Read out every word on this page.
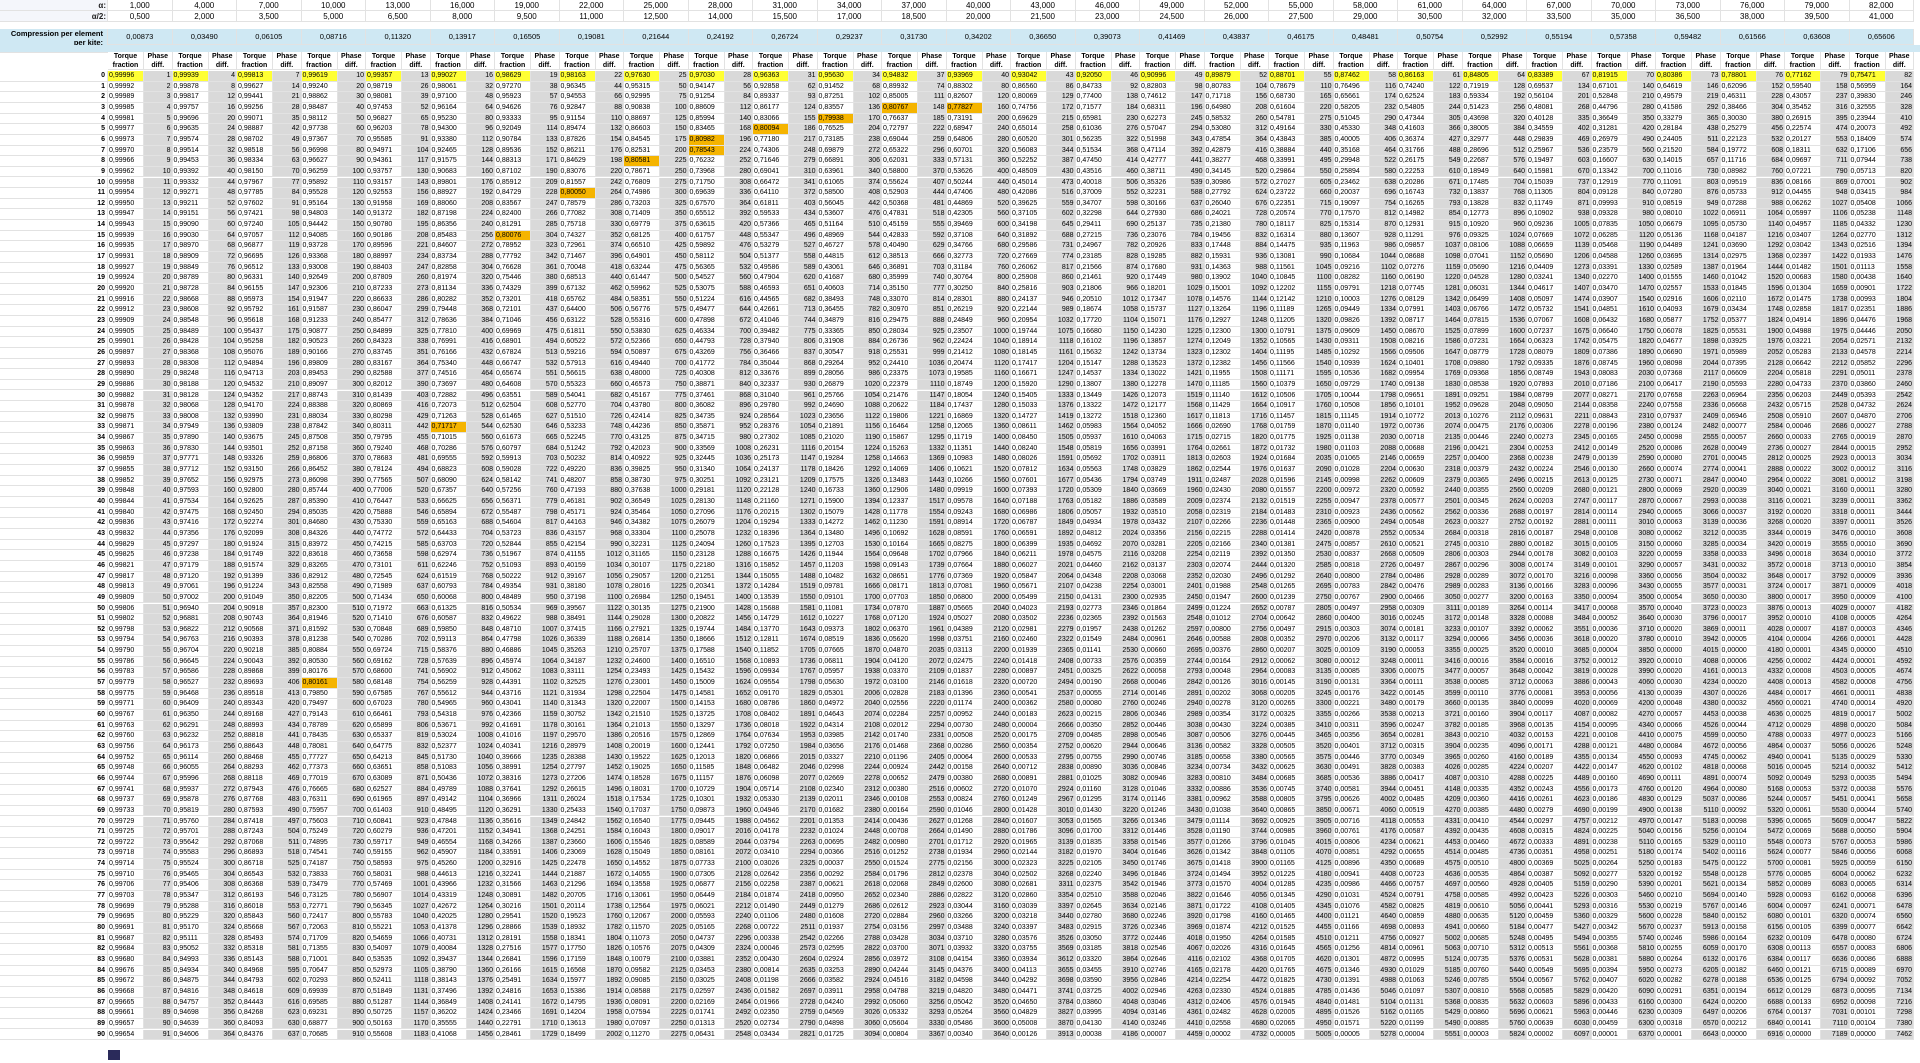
α:
α/2:
Compression per element per kite:
1,000
0,500
0,00873
Torque fraction
Phase diff.
4,000
2,000
0,03490
Torque fraction
Phase diff.
7,000
3,500
0,06105
Torque fraction
Phase diff.
10,000
5,000
0,08716
Torque fraction
Phase diff.
13,000
6,500
0,11320
Torque fraction
Phase diff.
16,000
8,000
0,13917
Torque fraction
Phase diff.
19,000
9,500
0,16505
Torque fraction
Phase diff.
22,000
11,000
0,19081
Torque fraction
Phase diff.
25,000
12,500
0,21644
Torque fraction
Phase diff.
28,000
14,000
0,24192
Torque fraction
Phase diff.
31,000
15,500
0,26724
Torque fraction
Phase diff.
34,000
17,000
0,29237
Torque fraction
Phase diff.
37,000
18,500
0,31730
Torque fraction
Phase diff.
40,000
20,000
0,34202
Torque fraction
Phase diff.
43,000
21,500
0,36650
Torque fraction
Phase diff.
46,000
23,000
0,39073
Torque fraction
Phase diff.
49,000
24,500
0,41469
Torque fraction
Phase diff.
52,000
26,000
0,43837
Torque fraction
Phase diff.
55,000
27,500
0,46175
Torque fraction
Phase diff.
58,000
29,000
0,48481
Torque fraction
Phase diff.
61,000
30,500
0,50754
Torque fraction
Phase diff.
64,000
32,000
0,52992
Torque fraction
Phase diff.
67,000
33,500
0,55194
Torque fraction
Phase diff.
70,000
35,000
0,57358
Torque fraction
Phase diff.
73,000
36,500
0,59482
Torque fraction
Phase diff.
76,000
38,000
0,61566
Torque fraction
Phase diff.
79,000
39,500
0,63608
Torque fraction
Phase diff.
82,000
41,000
0,65606
Torque fraction
Phase diff.
0 0,99996	1 0,99939	4 0,99813	7 0,99619	10 0,99357	13 0,99027	16 0,98629	19 0,98163	22 0,97630	25 0,97030	28 0,96363	31 0,95630	34 0,94832	37 0,93969	40 0,93042	43 0,92050	46 0,90996	49 0,89879	52 0,88701	55 0,87462	58 0,86163	61 0,84805	64 0,83389	67 0,81915	70 0,80386	73 0,78801	76 0,77162	79 0,75471	82
1 0,99992	2 0,99878	8 0,99627	14 0,99240	20 0,98719	26 0,98061	32 0,97270	38 0,96345	44 0,95315	50 0,94147	56 0,92858	62 0,91452	68 0,89932	74 0,88302	80 0,86560	86 0,84733	92 0,82803	98 0,80783	104 0,78679	110 0,76496	116 0,74240	122 0,71919	128 0,69537	134 0,67101	140 0,64619	146 0,62096	152 0,59540	158 0,56959	164
2 0,99989	3 0,99817	12 0,99441	21 0,98862	30 0,98081	39 0,97100	48 0,95923	57 0,94553	66 0,92995	75 0,91254	84 0,89337	93 0,87251	102 0,85005	111 0,82607	120 0,80069	129 0,77400	138 0,74612	147 0,71718	156 0,68730	165 0,65661	174 0,62524	183 0,59334	192 0,56104	201 0,52848	210 0,49579	219 0,46311	228 0,43057	237 0,39830	246
3 0,99985	4 0,99757	16 0,99256	28 0,98487	40 0,97453	52 0,96164	64 0,94626	76 0,92847	88 0,90838	100 0,88609	112 0,86177	124 0,83557	136 0,80767	148 0,77827	160 0,74756	172 0,71577	184 0,68311	196 0,64980	208 0,61604	220 0,58205	232 0,54805	244 0,51423	256 0,48081	268 0,44796	280 0,41586	292 0,38466	304 0,35452	316 0,32555	328
4 0,99981	5 0,99696	20 0,99071	35 0,98112	50 0,96827	65 0,95230	80 0,93333	95 0,91154	110 0,88697	125 0,85994	140 0,83066	155 0,79938	170 0,76637	185 0,73191	200 0,69629	215 0,65981	230 0,62273	245 0,58532	260 0,54781	275 0,51045	290 0,47344	305 0,43698	320 0,40128	335 0,36649	350 0,33279	365 0,30030	380 0,26915	395 0,23944	410
5 0,99977	6 0,99635	24 0,98887	42 0,97738	60 0,96203	78 0,94300	96 0,92049	114 0,89474	132 0,86603	150 0,83465	168 0,80094	186 0,76525	204 0,72797	222 0,68947	240 0,65014	258 0,61036	276 0,57047	294 0,53080	312 0,49164	330 0,45330	348 0,41603	366 0,38005	384 0,34559	402 0,31281	420 0,28184	438 0,25279	456 0,22574	474 0,20073	492
6 0,99973	7 0,99574	28 0,98702	49 0,97367	70 0,95585	91 0,93380	112 0,90784	133 0,87826	154 0,84545	175 0,80982	196 0,77180	217 0,73185	238 0,69044	259 0,64806	280 0,60520	301 0,56235	322 0,51998	343 0,47854	364 0,43843	385 0,40005	406 0,36374	427 0,32977	448 0,29839	469 0,26979	490 0,24405	511 0,22123	532 0,20127	553 0,18409	574
7 0,99970	8 0,99514	32 0,98518	56 0,96998	80 0,94971	104 0,92465	128 0,89536	152 0,86211	176 0,82531	200 0,78543	224 0,74306	248 0,69879	272 0,65322	296 0,60701	320 0,56083	344 0,51534	368 0,47114	392 0,42879	416 0,38884	440 0,35168	464 0,31766	488 0,28696	512 0,25967	536 0,23579	560 0,21520	584 0,19772	608 0,18311	632 0,17106	656
8 0,99966	9 0,99453	36 0,98334	63 0,96627	90 0,94361	117 0,91575	144 0,88313	171 0,84629	198 0,80581	225 0,76232	252 0,71646	279 0,66891	306 0,62031	333 0,57131	360 0,52252	387 0,47450	414 0,42777	441 0,38277	468 0,33991	495 0,29948	522 0,26175	549 0,22687	576 0,19497	603 0,16607	630 0,14015	657 0,11716	684 0,09697	711 0,07944	738
9 0,99962	10 0,99392	40 0,98150	70 0,96259	100 0,93757	130 0,90683	160 0,87102	190 0,83076	220 0,78671	250 0,73968	280 0,69041	310 0,63961	340 0,58800	370 0,53626	400 0,48509	430 0,43516	460 0,38711	490 0,34145	520 0,29864	550 0,25894	580 0,22253	610 0,18949	640 0,15981	670 0,13342	700 0,11016	730 0,08982	760 0,07221	790 0,05713	820
10 0,99958	11 0,99332	44 0,97967	77 0,95892	110 0,93157	143 0,89801	176 0,85912	209 0,81557	242 0,76809	275 0,71750	308 0,66472	341 0,61065	374 0,55624	407 0,50244	440 0,45014	473 0,40018	506 0,35326	539 0,30986	572 0,27027	605 0,23462	638 0,20286	671 0,17485	704 0,15039	737 0,12919	770 0,11091	803 0,09519	836 0,08166	869 0,07001	902
11 0,99954	12 0,99271	48 0,97785	84 0,95528	120 0,92553	156 0,88927	192 0,84729	228 0,80050	264 0,74986	300 0,69639	336 0,64110	372 0,58500	408 0,52903	444 0,47406	480 0,42086	516 0,37009	552 0,32231	588 0,27792	624 0,23722	660 0,20037	696 0,16743	732 0,13837	768 0,11305	804 0,09128	840 0,07280	876 0,05733	912 0,04455	948 0,03415	984
12 0,99950	13 0,99211	52 0,97602	91 0,95164	130 0,91958	169 0,88060	208 0,83567	247 0,78579	286 0,73203	325 0,67570	364 0,61811	403 0,56045	442 0,50368	481 0,44869	520 0,39625	559 0,34707	598 0,30166	637 0,26040	676 0,22351	715 0,19097	754 0,16265	793 0,13828	832 0,11749	871 0,09993	910 0,08519	949 0,07288	988 0,06262	1027 0,05408	1066
13 0,99947	14 0,99151	56 0,97421	98 0,94803	140 0,91372	182 0,87198	224 0,82400	266 0,77082	308 0,71409	350 0,65512	392 0,59533	434 0,53607	476 0,47831	518 0,42305	560 0,37105	602 0,32298	644 0,27930	686 0,24021	728 0,20574	770 0,17570	812 0,14982	854 0,12773	896 0,10902	938 0,09328	980 0,08010	1022 0,06911	1064 0,05997	1106 0,05238	1148
14 0,99943	15 0,99090	60 0,97240	105 0,94442	150 0,90780	195 0,86356	240 0,81291	285 0,75718	330 0,69779	375 0,63615	420 0,57366	465 0,51164	510 0,45159	555 0,39469	600 0,34198	645 0,29411	690 0,25137	735 0,21380	780 0,18117	825 0,15314	870 0,12931	915 0,10920	960 0,09236	1005 0,07835	1050 0,06679	1095 0,05730	1140 0,04957	1185 0,04332	1230
15 0,99939	16 0,99030	64 0,97057	112 0,94085	160 0,90186	208 0,85483	256 0,80076	304 0,74327	352 0,68125	400 0,61757	448 0,55347	496 0,48969	544 0,42833	592 0,37108	640 0,31892	688 0,27215	736 0,23076	784 0,19456	832 0,16314	880 0,13607	928 0,11291	976 0,09325	1024 0,07669	1072 0,06285	1120 0,05136	1168 0,04187	1216 0,03407	1264 0,02770	1312
16 0,99935	17 0,98970	68 0,96877	119 0,93728	170 0,89596	221 0,84607	272 0,78952	323 0,72961	374 0,66510	425 0,59892	476 0,53279	527 0,46727	578 0,40490	629 0,34766	680 0,29586	731 0,24967	782 0,20926	833 0,17448	884 0,14475	935 0,11963	986 0,09857	1037 0,08106	1088 0,06659	1139 0,05468	1190 0,04489	1241 0,03690	1292 0,03042	1343 0,02516	1394
17 0,99931	18 0,98909	72 0,96695	126 0,93368	180 0,88997	234 0,83734	288 0,77792	342 0,71467	396 0,64901	450 0,58112	504 0,51377	558 0,44815	612 0,38513	666 0,32773	720 0,27669	774 0,23185	828 0,19285	882 0,15931	936 0,13081	990 0,10684	1044 0,08688	1098 0,07041	1152 0,05690	1206 0,04588	1260 0,03695	1314 0,02975	1368 0,02397	1422 0,01933	1476
18 0,99927	19 0,98849	76 0,96512	133 0,93008	190 0,88403	247 0,82858	304 0,76628	361 0,70048	418 0,63244	475 0,56365	532 0,49586	589 0,43061	646 0,36891	703 0,31184	760 0,26062	817 0,21566	874 0,17680	931 0,14363	988 0,11561	1045 0,09216	1102 0,07276	1159 0,05690	1216 0,04409	1273 0,03391	1330 0,02589	1387 0,01964	1444 0,01482	1501 0,01113	1558
19 0,99924	20 0,98789	80 0,96331	140 0,92649	200 0,87809	260 0,81974	320 0,75446	380 0,68513	440 0,61447	500 0,54527	560 0,47904	620 0,41687	680 0,35999	740 0,30764	800 0,25908	860 0,21461	920 0,17449	980 0,13902	1040 0,10845	1100 0,08282	1160 0,06190	1220 0,04528	1280 0,03241	1340 0,02270	1400 0,01555	1460 0,01042	1520 0,00683	1580 0,00438	1640
20 0,99920	21 0,98728	84 0,96155	147 0,92306	210 0,87233	273 0,81134	336 0,74329	399 0,67132	462 0,59962	525 0,53075	588 0,46593	651 0,40603	714 0,35150	777 0,30250	840 0,25816	903 0,21806	966 0,18201	1029 0,15001	1092 0,12202	1155 0,09791	1218 0,07745	1281 0,06031	1344 0,04617	1407 0,03470	1470 0,02557	1533 0,01845	1596 0,01304	1659 0,00901	1722
21 0,99916	22 0,98668	88 0,95973	154 0,91947	220 0,86633	286 0,80282	352 0,73201	418 0,65762	484 0,58351	550 0,51224	616 0,44565	682 0,38493	748 0,33070	814 0,28301	880 0,24137	946 0,20510	1012 0,17347	1078 0,14576	1144 0,12142	1210 0,10003	1276 0,08129	1342 0,06499	1408 0,05097	1474 0,03907	1540 0,02916	1606 0,02110	1672 0,01475	1738 0,00993	1804
22 0,99912	23 0,98608	92 0,95792	161 0,91587	230 0,86047	299 0,79448	368 0,72101	437 0,64400	506 0,56776	575 0,49477	644 0,42661	713 0,36455	782 0,30970	851 0,26219	920 0,22144	989 0,18674	1058 0,15737	1127 0,13264	1196 0,11189	1265 0,09449	1334 0,07991	1403 0,06766	1472 0,05732	1541 0,04851	1610 0,04093	1679 0,03434	1748 0,02858	1817 0,02351	1886
23 0,99909	24 0,98548	96 0,95618	168 0,91233	240 0,85477	312 0,78636	384 0,71046	456 0,63122	528 0,55316	600 0,47898	672 0,41046	744 0,34879	816 0,29475	888 0,24849	960 0,20954	1032 0,17720	1104 0,15071	1176 0,12927	1248 0,11205	1320 0,09826	1392 0,08717	1464 0,07815	1536 0,07067	1608 0,06432	1680 0,05877	1752 0,05377	1824 0,04914	1896 0,04476	1968
24 0,99905	25 0,98489	100 0,95437	175 0,90877	250 0,84899	325 0,77810	400 0,69969	475 0,61811	550 0,53830	625 0,46334	700 0,39482	775 0,33365	850 0,28034	925 0,23507	1000 0,19744	1075 0,16680	1150 0,14230	1225 0,12300	1300 0,10791	1375 0,09609	1450 0,08670	1525 0,07899	1600 0,07237	1675 0,06640	1750 0,06078	1825 0,05531	1900 0,04988	1975 0,04446	2050
25 0,99901	26 0,98428	104 0,95258	182 0,90523	260 0,84323	338 0,76991	416 0,68901	494 0,60522	572 0,52366	650 0,44793	728 0,37940	806 0,31908	884 0,26736	962 0,22424	1040 0,18914	1118 0,16102	1196 0,13857	1274 0,12049	1352 0,10565	1430 0,09311	1508 0,08216	1586 0,07231	1664 0,06323	1742 0,05475	1820 0,04677	1898 0,03925	1976 0,03221	2054 0,02571	2132
26 0,99897	27 0,98368	108 0,95076	189 0,90166	270 0,83745	351 0,76166	432 0,67824	513 0,59216	594 0,50897	675 0,43269	756 0,36466	837 0,30547	918 0,25531	999 0,21412	1080 0,18145	1161 0,15632	1242 0,13734	1323 0,12302	1404 0,11195	1485 0,10292	1566 0,09506	1647 0,08779	1728 0,08079	1809 0,07386	1890 0,06690	1971 0,05989	2052 0,05283	2133 0,04578	2214
27 0,99893	28 0,98308	112 0,94894	196 0,89809	280 0,83167	364 0,75340	448 0,66747	532 0,57913	616 0,49440	700 0,41772	784 0,35044	868 0,29264	952 0,24410	1036 0,20474	1120 0,17417	1204 0,15147	1288 0,13523	1372 0,12382	1456 0,11566	1540 0,10939	1624 0,10401	1708 0,09880	1792 0,09335	1876 0,08745	1960 0,08098	2044 0,07395	2128 0,06642	2212 0,05852	2296
28 0,99890	29 0,98248	116 0,94713	203 0,89453	290 0,82588	377 0,74516	464 0,65674	551 0,56615	638 0,48000	725 0,40308	812 0,33676	899 0,28056	986 0,23375	1073 0,19585	1160 0,16671	1247 0,14537	1334 0,13022	1421 0,11955	1508 0,11171	1595 0,10536	1682 0,09954	1769 0,09368	1856 0,08749	1943 0,08083	2030 0,07368	2117 0,06609	2204 0,05818	2291 0,05011	2378
29 0,99886	30 0,98188	120 0,94532	210 0,89097	300 0,82012	390 0,73697	480 0,64608	570 0,55323	660 0,46573	750 0,38871	840 0,32337	930 0,26879	1020 0,22379	1110 0,18749	1200 0,15920	1290 0,13807	1380 0,12278	1470 0,11185	1560 0,10379	1650 0,09729	1740 0,09138	1830 0,08538	1920 0,07893	2010 0,07186	2100 0,06417	2190 0,05593	2280 0,04733	2370 0,03860	2460
30 0,99882	31 0,98128	124 0,94352	217 0,88743	310 0,81439	403 0,72882	496 0,63551	589 0,54041	682 0,45167	775 0,37461	868 0,31040	961 0,25766	1054 0,21476	1147 0,18054	1240 0,15405	1333 0,13449	1426 0,12073	1519 0,11140	1612 0,10506	1705 0,10044	1798 0,09651	1891 0,09251	1984 0,08799	2077 0,08271	2170 0,07658	2263 0,06964	2356 0,06203	2449 0,05393	2542
31 0,99878	32 0,98068	128 0,94170	224 0,88388	320 0,80869	416 0,72073	512 0,62504	608 0,52770	704 0,43780	800 0,36082	896 0,29780	992 0,24690	1088 0,20622	1184 0,17437	1280 0,15033	1376 0,13322	1472 0,12177	1568 0,11429	1664 0,10917	1760 0,10508	1856 0,10101	1952 0,09628	2048 0,09050	2144 0,08358	2240 0,07558	2336 0,06668	2432 0,05715	2528 0,04732	2624
32 0,99875	33 0,98008	132 0,93990	231 0,88034	330 0,80298	429 0,71263	528 0,61465	627 0,51510	726 0,42414	825 0,34735	924 0,28564	1023 0,23656	1122 0,19806	1221 0,16869	1320 0,14727	1419 0,13272	1518 0,12360	1617 0,11813	1716 0,11457	1815 0,11145	1914 0,10772	2013 0,10276	2112 0,09631	2211 0,08843	2310 0,07937	2409 0,06946	2508 0,05910	2607 0,04870	2706
33 0,99871	34 0,97949	136 0,93809	238 0,87842	340 0,80311	442 0,71717	544 0,62530	646 0,53233	748 0,44236	850 0,35871	952 0,28376	1054 0,21891	1156 0,16464	1258 0,12065	1360 0,08611	1462 0,05983	1564 0,04052	1666 0,02690	1768 0,01759	1870 0,01140	1972 0,00736	2074 0,00475	2176 0,00306	2278 0,00196	2380 0,00124	2482 0,00077	2584 0,00046	2686 0,00027	2788
34 0,99867	35 0,97890	140 0,93675	245 0,87508	350 0,79795	455 0,71015	560 0,61673	665 0,52245	770 0,43125	875 0,34715	980 0,27302	1085 0,21020	1190 0,15867	1295 0,11719	1400 0,08450	1505 0,05937	1610 0,04063	1715 0,02715	1820 0,01775	1925 0,01138	2030 0,00718	2135 0,00446	2240 0,00273	2345 0,00165	2450 0,00098	2555 0,00057	2660 0,00033	2765 0,00019	2870
35 0,99863	36 0,97830	144 0,93501	252 0,87158	360 0,79240	468 0,70286	576 0,60797	684 0,51242	792 0,42023	900 0,33569	1008 0,26231	1116 0,20154	1224 0,15263	1332 0,11351	1440 0,08240	1548 0,05819	1656 0,03991	1764 0,02661	1872 0,01732	1980 0,01103	2088 0,00688	2196 0,00421	2304 0,00253	2412 0,00149	2520 0,00086	2628 0,00049	2736 0,00027	2844 0,00015	2952
36 0,99859	37 0,97771	148 0,93326	259 0,86806	370 0,78683	481 0,69555	592 0,59913	703 0,50232	814 0,40922	925 0,32445	1036 0,25173	1147 0,19284	1258 0,14663	1369 0,10983	1480 0,08026	1591 0,05692	1702 0,03911	1813 0,02603	1924 0,01684	2035 0,01065	2146 0,00659	2257 0,00400	2368 0,00238	2479 0,00139	2590 0,00080	2701 0,00045	2812 0,00025	2923 0,00013	3034
37 0,99855	38 0,97712	152 0,93150	266 0,86452	380 0,78124	494 0,68823	608 0,59028	722 0,49220	836 0,39825	950 0,31340	1064 0,24137	1178 0,18426	1292 0,14069	1406 0,10621	1520 0,07812	1634 0,05563	1748 0,03829	1862 0,02544	1976 0,01637	2090 0,01028	2204 0,00630	2318 0,00379	2432 0,00224	2546 0,00130	2660 0,00074	2774 0,00041	2888 0,00022	3002 0,00012	3116
38 0,99852	39 0,97652	156 0,92975	273 0,86098	390 0,77565	507 0,68090	624 0,58142	741 0,48207	858 0,38730	975 0,30251	1092 0,23121	1209 0,17575	1326 0,13483	1443 0,10266	1560 0,07601	1677 0,05436	1794 0,03749	1911 0,02487	2028 0,01596	2145 0,00998	2262 0,00609	2379 0,00365	2496 0,00215	2613 0,00125	2730 0,00071	2847 0,00040	2964 0,00022	3081 0,00012	3198
39 0,99848	40 0,97593	160 0,92800	280 0,85744	400 0,77006	520 0,67357	640 0,57256	760 0,47193	880 0,37638	1000 0,29181	1120 0,22128	1240 0,16733	1360 0,12906	1480 0,09919	1600 0,07393	1720 0,05309	1840 0,03669	1960 0,02430	2080 0,01557	2200 0,00972	2320 0,00592	2440 0,00355	2560 0,00209	2680 0,00121	2800 0,00069	2920 0,00039	3040 0,00021	3160 0,00011	3280
40 0,99844	41 0,97534	164 0,92625	287 0,85390	410 0,76447	533 0,66625	656 0,56371	779 0,46181	902 0,36549	1025 0,28130	1148 0,21160	1271 0,15900	1394 0,12337	1517 0,09578	1640 0,07188	1763 0,05182	1886 0,03589	2009 0,02374	2132 0,01519	2255 0,00947	2378 0,00577	2501 0,00345	2624 0,00203	2747 0,00117	2870 0,00067	2993 0,00038	3116 0,00021	3239 0,00011	3362
41 0,99840	42 0,97475	168 0,92450	294 0,85035	420 0,75888	546 0,65894	672 0,55487	798 0,45171	924 0,35464	1050 0,27096	1176 0,20215	1302 0,15079	1428 0,11778	1554 0,09243	1680 0,06986	1806 0,05057	1932 0,03510	2058 0,02319	2184 0,01483	2310 0,00923	2436 0,00562	2562 0,00336	2688 0,00197	2814 0,00114	2940 0,00065	3066 0,00037	3192 0,00020	3318 0,00011	3444
42 0,99836	43 0,97416	172 0,92274	301 0,84680	430 0,75330	559 0,65163	688 0,54604	817 0,44163	946 0,34382	1075 0,26079	1204 0,19294	1333 0,14272	1462 0,11230	1591 0,08914	1720 0,06787	1849 0,04934	1978 0,03432	2107 0,02266	2236 0,01448	2365 0,00900	2494 0,00548	2623 0,00327	2752 0,00192	2881 0,00111	3010 0,00063	3139 0,00036	3268 0,00020	3397 0,00011	3526
43 0,99832	44 0,97356	176 0,92099	308 0,84326	440 0,74772	572 0,64433	704 0,53723	836 0,43157	968 0,33304	1100 0,25078	1232 0,18396	1364 0,13480	1496 0,10692	1628 0,08591	1760 0,06591	1892 0,04812	2024 0,03356	2156 0,02215	2288 0,01414	2420 0,00878	2552 0,00534	2684 0,00318	2816 0,00187	2948 0,00108	3080 0,00062	3212 0,00035	3344 0,00019	3476 0,00010	3608
44 0,99829	45 0,97297	180 0,91924	315 0,83972	450 0,74215	585 0,63703	720 0,52844	855 0,42154	990 0,32231	1125 0,24094	1260 0,17523	1395 0,12703	1530 0,10164	1665 0,08275	1800 0,06399	1935 0,04692	2070 0,03281	2205 0,02166	2340 0,01381	2475 0,00857	2610 0,00521	2745 0,00310	2880 0,00182	3015 0,00105	3150 0,00060	3285 0,00034	3420 0,00019	3555 0,00010	3690
45 0,99825	46 0,97238	184 0,91749	322 0,83618	460 0,73658	598 0,62974	736 0,51967	874 0,41155	1012 0,31165	1150 0,23128	1288 0,16675	1426 0,11944	1564 0,09648	1702 0,07966	1840 0,06211	1978 0,04575	2116 0,03208	2254 0,02119	2392 0,01350	2530 0,00837	2668 0,00509	2806 0,00303	2944 0,00178	3082 0,00103	3220 0,00059	3358 0,00033	3496 0,00018	3634 0,00010	3772
46 0,99821	47 0,97179	188 0,91574	329 0,83265	470 0,73101	611 0,62246	752 0,51093	893 0,40159	1034 0,30107	1175 0,22180	1316 0,15852	1457 0,11203	1598 0,09143	1739 0,07664	1880 0,06027	2021 0,04460	2162 0,03137	2303 0,02074	2444 0,01320	2585 0,00818	2726 0,00497	2867 0,00296	3008 0,00174	3149 0,00101	3290 0,00057	3431 0,00032	3572 0,00018	3713 0,00010	3854
47 0,99817	48 0,97120	192 0,91399	336 0,82912	480 0,72545	624 0,61519	768 0,50222	912 0,39167	1056 0,29057	1200 0,21251	1344 0,15055	1488 0,10482	1632 0,08651	1776 0,07369	1920 0,05847	2064 0,04348	2208 0,03068	2352 0,02030	2496 0,01292	2640 0,00800	2784 0,00486	2928 0,00289	3072 0,00170	3216 0,00098	3360 0,00056	3504 0,00032	3648 0,00017	3792 0,00009	3936
48 0,99813	49 0,97061	196 0,91224	343 0,82558	490 0,71989	637 0,60793	784 0,49354	931 0,38180	1078 0,28016	1225 0,20341	1372 0,14284	1519 0,09781	1666 0,08171	1813 0,07081	1960 0,05671	2107 0,04238	2254 0,03001	2401 0,01988	2548 0,01265	2695 0,00783	2842 0,00476	2989 0,00283	3136 0,00166	3283 0,00096	3430 0,00055	3577 0,00031	3724 0,00017	3871 0,00009	4018
49 0,99809	50 0,97002	200 0,91049	350 0,82205	500 0,71434	650 0,60068	800 0,48489	950 0,37198	1100 0,26984	1250 0,19451	1400 0,13539	1550 0,09101	1700 0,07703	1850 0,06800	2000 0,05499	2150 0,04131	2300 0,02935	2450 0,01947	2600 0,01239	2750 0,00767	2900 0,00466	3050 0,00277	3200 0,00163	3350 0,00094	3500 0,00054	3650 0,00030	3800 0,00017	3950 0,00009	4100
50 0,99806	51 0,96940	204 0,90918	357 0,82300	510 0,71972	663 0,61325	816 0,50534	969 0,39567	1122 0,30135	1275 0,21900	1428 0,15688	1581 0,11081	1734 0,07870	1887 0,05665	2040 0,04023	2193 0,02773	2346 0,01864	2499 0,01224	2652 0,00787	2805 0,00497	2958 0,00309	3111 0,00189	3264 0,00114	3417 0,00068	3570 0,00040	3723 0,00023	3876 0,00013	4029 0,00007	4182
51 0,99802	52 0,96881	208 0,90743	364 0,81946	520 0,71410	676 0,60587	832 0,49622	988 0,38491	1144 0,29028	1300 0,20822	1456 0,14729	1612 0,10227	1768 0,07120	1924 0,05027	2080 0,03502	2236 0,02365	2392 0,01563	2548 0,01012	2704 0,00642	2860 0,00400	3016 0,00245	3172 0,00148	3328 0,00088	3484 0,00052	3640 0,00030	3796 0,00017	3952 0,00010	4108 0,00005	4264
52 0,99798	53 0,96822	212 0,90568	371 0,81592	530 0,70848	689 0,59850	848 0,48710	1007 0,37415	1166 0,27921	1325 0,19744	1484 0,13770	1643 0,09373	1802 0,06370	1961 0,04389	2120 0,02981	2279 0,01957	2438 0,01262	2597 0,00800	2756 0,00497	2915 0,00303	3074 0,00181	3233 0,00107	3392 0,00062	3551 0,00036	3710 0,00020	3869 0,00011	4028 0,00007	4187 0,00003	4346
53 0,99794	54 0,96763	216 0,90393	378 0,81238	540 0,70286	702 0,59113	864 0,47798	1026 0,36339	1188 0,26814	1350 0,18666	1512 0,12811	1674 0,08519	1836 0,05620	1998 0,03751	2160 0,02460	2322 0,01549	2484 0,00961	2646 0,00588	2808 0,00352	2970 0,00206	3132 0,00117	3294 0,00066	3456 0,00036	3618 0,00020	3780 0,00010	3942 0,00005	4104 0,00004	4266 0,00001	4428
54 0,99790	55 0,96704	220 0,90218	385 0,80884	550 0,69724	715 0,58376	880 0,46886	1045 0,35263	1210 0,25707	1375 0,17588	1540 0,11852	1705 0,07665	1870 0,04870	2035 0,03113	2200 0,01939	2365 0,01141	2530 0,00660	2695 0,00376	2860 0,00207	3025 0,00109	3190 0,00053	3355 0,00025	3520 0,00010	3685 0,00004	3850 0,00000	4015 0,00000	4180 0,00001	4345 0,00000	4510
55 0,99786	56 0,96645	224 0,90043	392 0,80530	560 0,69162	728 0,57639	896 0,45974	1064 0,34187	1232 0,24600	1400 0,16510	1568 0,10893	1736 0,06811	1904 0,04120	2072 0,02475	2240 0,01418	2408 0,00733	2576 0,00359	2744 0,00164	2912 0,00062	3080 0,00012	3248 0,00011	3416 0,00016	3584 0,00016	3752 0,00012	3920 0,00010	4088 0,00006	4256 0,00002	4424 0,00001	4592
56 0,99783	57 0,96586	228 0,89868	399 0,80176	570 0,68600	741 0,56902	912 0,45062	1083 0,33111	1254 0,23493	1425 0,15432	1596 0,09934	1767 0,05957	1938 0,03370	2109 0,01837	2280 0,00897	2451 0,00325	2622 0,00058	2793 0,00048	2964 0,00083	3135 0,00085	3306 0,00075	3477 0,00057	3648 0,00042	3819 0,00028	3990 0,00020	4161 0,00013	4332 0,00008	4503 0,00005	4674
57 0,99779	58 0,96527	232 0,89693	406 0,80161	580 0,68148	754 0,56259	928 0,44391	1102 0,32525	1276 0,23001	1450 0,15009	1624 0,09554	1798 0,05630	1972 0,03100	2146 0,01618	2320 0,00720	2494 0,00190	2668 0,00046	2842 0,00126	3016 0,00145	3190 0,00131	3364 0,00111	3538 0,00085	3712 0,00063	3886 0,00043	4060 0,00030	4234 0,00020	4408 0,00013	4582 0,00008	4756
58 0,99775	59 0,96468	236 0,89518	413 0,79850	590 0,67585	767 0,55612	944 0,43716	1121 0,31934	1298 0,22504	1475 0,14581	1652 0,09170	1829 0,05301	2006 0,02828	2183 0,01396	2360 0,00541	2537 0,00055	2714 0,00146	2891 0,00202	3068 0,00205	3245 0,00176	3422 0,00145	3599 0,00110	3776 0,00081	3953 0,00056	4130 0,00039	4307 0,00026	4484 0,00017	4661 0,00011	4838
59 0,99771	60 0,96409	240 0,89343	420 0,79497	600 0,67023	780 0,54965	960 0,43041	1140 0,31343	1320 0,22007	1500 0,14153	1680 0,08786	1860 0,04972	2040 0,02556	2220 0,01174	2400 0,00362	2580 0,00080	2760 0,00246	2940 0,00278	3120 0,00265	3300 0,00221	3480 0,00179	3660 0,00135	3840 0,00099	4020 0,00069	4200 0,00048	4380 0,00032	4560 0,00021	4740 0,00014	4920
60 0,99767	61 0,96350	244 0,89168	427 0,79143	610 0,66461	793 0,54318	976 0,42366	1159 0,30752	1342 0,21510	1525 0,13725	1708 0,08402	1891 0,04643	2074 0,02284	2257 0,00952	2440 0,00183	2623 0,00215	2806 0,00346	2989 0,00354	3172 0,00325	3355 0,00266	3538 0,00213	3721 0,00160	3904 0,00117	4087 0,00082	4270 0,00057	4453 0,00038	4636 0,00025	4819 0,00017	5002
61 0,99763	62 0,96291	248 0,88993	434 0,78789	620 0,65899	806 0,53671	992 0,41691	1178 0,30161	1364 0,21013	1550 0,13297	1736 0,08018	1922 0,04314	2108 0,02012	2294 0,00730	2480 0,00004	2666 0,00350	2852 0,00446	3038 0,00430	3224 0,00385	3410 0,00311	3596 0,00247	3782 0,00185	3968 0,00135	4154 0,00095	4340 0,00066	4526 0,00044	4712 0,00029	4898 0,00020	5084
62 0,99760	63 0,96232	252 0,88818	441 0,78435	630 0,65337	819 0,53024	1008 0,41016	1197 0,29570	1386 0,20516	1575 0,12869	1764 0,07634	1953 0,03985	2142 0,01740	2331 0,00508	2520 0,00175	2709 0,00485	2898 0,00546	3087 0,00506	3276 0,00445	3465 0,00356	3654 0,00281	3843 0,00210	4032 0,00153	4221 0,00108	4410 0,00075	4599 0,00050	4788 0,00033	4977 0,00023	5166
63 0,99756	64 0,96173	256 0,88643	448 0,78081	640 0,64775	832 0,52377	1024 0,40341	1216 0,28979	1408 0,20019	1600 0,12441	1792 0,07250	1984 0,03656	2176 0,01468	2368 0,00286	2560 0,00354	2752 0,00620	2944 0,00646	3136 0,00582	3328 0,00505	3520 0,00401	3712 0,00315	3904 0,00235	4096 0,00171	4288 0,00121	4480 0,00084	4672 0,00056	4864 0,00037	5056 0,00026	5248
64 0,99752	65 0,96114	260 0,88468	455 0,77727	650 0,64213	845 0,51730	1040 0,39666	1235 0,28388	1430 0,19522	1625 0,12013	1820 0,06866	2015 0,03327	2210 0,01196	2405 0,00064	2600 0,00533	2795 0,00755	2990 0,00746	3185 0,00658	3380 0,00565	3575 0,00446	3770 0,00349	3965 0,00260	4160 0,00189	4355 0,00134	4550 0,00093	4745 0,00062	4940 0,00041	5135 0,00029	5330
65 0,99748	66 0,96055	264 0,88293	462 0,77373	660 0,63651	858 0,51083	1056 0,38991	1254 0,27797	1452 0,19025	1650 0,11585	1848 0,06482	2046 0,02998	2244 0,00924	2442 0,00158	2640 0,00712	2838 0,00890	3036 0,00846	3234 0,00734	3432 0,00625	3630 0,00491	3828 0,00383	4026 0,00285	4224 0,00207	4422 0,00147	4620 0,00102	4818 0,00068	5016 0,00045	5214 0,00032	5412
66 0,99744	67 0,95996	268 0,88118	469 0,77019	670 0,63089	871 0,50436	1072 0,38316	1273 0,27206	1474 0,18528	1675 0,11157	1876 0,06098	2077 0,02669	2278 0,00652	2479 0,00380	2680 0,00891	2881 0,01025	3082 0,00946	3283 0,00810	3484 0,00685	3685 0,00536	3886 0,00417	4087 0,00310	4288 0,00225	4489 0,00160	4690 0,00111	4891 0,00074	5092 0,00049	5293 0,00035	5494
67 0,99741	68 0,95937	272 0,87943	476 0,76665	680 0,62527	884 0,49789	1088 0,37641	1292 0,26615	1496 0,18031	1700 0,10729	1904 0,05714	2108 0,02340	2312 0,00380	2516 0,00602	2720 0,01070	2924 0,01160	3128 0,01046	3332 0,00886	3536 0,00745	3740 0,00581	3944 0,00451	4148 0,00335	4352 0,00243	4556 0,00173	4760 0,00120	4964 0,00080	5168 0,00053	5372 0,00038	5576
68 0,99737	69 0,95878	276 0,87768	483 0,76311	690 0,61965	897 0,49142	1104 0,36966	1311 0,26024	1518 0,17534	1725 0,10301	1932 0,05330	2139 0,02011	2346 0,00108	2553 0,00824	2760 0,01249	2967 0,01295	3174 0,01146	3381 0,00962	3588 0,00805	3795 0,00626	4002 0,00485	4209 0,00360	4416 0,00261	4623 0,00186	4830 0,00129	5037 0,00086	5244 0,00057	5451 0,00041	5658
69 0,99733	70 0,95819	280 0,87593	490 0,75957	700 0,61403	910 0,48495	1120 0,36291	1330 0,25433	1540 0,17037	1750 0,09873	1960 0,04946	2170 0,01682	2380 0,00164	2590 0,01046	2800 0,01428	3010 0,01430	3220 0,01246	3430 0,01038	3640 0,00865	3850 0,00671	4060 0,00519	4270 0,00385	4480 0,00279	4690 0,00199	4900 0,00138	5110 0,00092	5320 0,00061	5530 0,00044	5740
70 0,99729	71 0,95760	284 0,87418	497 0,75603	710 0,60841	923 0,47848	1136 0,35616	1349 0,24842	1562 0,16540	1775 0,09445	1988 0,04562	2201 0,01353	2414 0,00436	2627 0,01268	2840 0,01607	3053 0,01565	3266 0,01346	3479 0,01114	3692 0,00925	3905 0,00716	4118 0,00553	4331 0,00410	4544 0,00297	4757 0,00212	4970 0,00147	5183 0,00098	5396 0,00065	5609 0,00047	5822
71 0,99725	72 0,95701	288 0,87243	504 0,75249	720 0,60279	936 0,47201	1152 0,34941	1368 0,24251	1584 0,16043	1800 0,09017	2016 0,04178	2232 0,01024	2448 0,00708	2664 0,01490	2880 0,01786	3096 0,01700	3312 0,01446	3528 0,01190	3744 0,00985	3960 0,00761	4176 0,00587	4392 0,00435	4608 0,00315	4824 0,00225	5040 0,00156	5256 0,00104	5472 0,00069	5688 0,00050	5904
72 0,99722	73 0,95642	292 0,87068	511 0,74895	730 0,59717	949 0,46554	1168 0,34266	1387 0,23660	1606 0,15546	1825 0,08589	2044 0,03794	2263 0,00695	2482 0,00980	2701 0,01712	2920 0,01965	3139 0,01835	3358 0,01546	3577 0,01266	3796 0,01045	4015 0,00806	4234 0,00621	4453 0,00460	4672 0,00333	4891 0,00238	5110 0,00165	5329 0,00110	5548 0,00073	5767 0,00053	5986
73 0,99718	74 0,95583	296 0,86893	518 0,74541	740 0,59155	962 0,45907	1184 0,33591	1406 0,23069	1628 0,15049	1850 0,08161	2072 0,03410	2294 0,00366	2516 0,01252	2738 0,01934	2960 0,02144	3182 0,01970	3404 0,01646	3626 0,01342	3848 0,01105	4070 0,00851	4292 0,00655	4514 0,00485	4736 0,00351	4958 0,00251	5180 0,00174	5402 0,00116	5624 0,00077	5846 0,00056	6068
74 0,99714	75 0,95524	300 0,86718	525 0,74187	750 0,58593	975 0,45260	1200 0,32916	1425 0,22478	1650 0,14552	1875 0,07733	2100 0,03026	2325 0,00037	2550 0,01524	2775 0,02156	3000 0,02323	3225 0,02105	3450 0,01746	3675 0,01418	3900 0,01165	4125 0,00896	4350 0,00689	4575 0,00510	4800 0,00369	5025 0,00264	5250 0,00183	5475 0,00122	5700 0,00081	5925 0,00059	6150
75 0,99710	76 0,95465	304 0,86543	532 0,73833	760 0,58031	988 0,44613	1216 0,32241	1444 0,21887	1672 0,14055	1900 0,07305	2128 0,02642	2356 0,00292	2584 0,01796	2812 0,02378	3040 0,02502	3268 0,02240	3496 0,01846	3724 0,01494	3952 0,01225	4180 0,00941	4408 0,00723	4636 0,00535	4864 0,00387	5092 0,00277	5320 0,00192	5548 0,00128	5776 0,00085	6004 0,00062	6232
76 0,99706	77 0,95406	308 0,86368	539 0,73479	770 0,57469	1001 0,43966	1232 0,31566	1463 0,21296	1694 0,13558	1925 0,06877	2156 0,02258	2387 0,00621	2618 0,02068	2849 0,02600	3080 0,02681	3311 0,02375	3542 0,01946	3773 0,01570	4004 0,01285	4235 0,00986	4466 0,00757	4697 0,00560	4928 0,00405	5159 0,00290	5390 0,00201	5621 0,00134	5852 0,00089	6083 0,00065	6314
77 0,99703	78 0,95347	312 0,86193	546 0,73125	780 0,56907	1014 0,43319	1248 0,30891	1482 0,20705	1716 0,13061	1950 0,06449	2184 0,01874	2418 0,00950	2652 0,02340	2886 0,02822	3120 0,02860	3354 0,02510	3588 0,02046	3822 0,01646	4056 0,01345	4290 0,01031	4524 0,00791	4758 0,00585	4992 0,00423	5226 0,00303	5460 0,00210	5694 0,00140	5928 0,00093	6162 0,00068	6396
78 0,99699	79 0,95288	316 0,86018	553 0,72771	790 0,56345	1027 0,42672	1264 0,30216	1501 0,20114	1738 0,12564	1975 0,06021	2212 0,01490	2449 0,01279	2686 0,02612	2923 0,03044	3160 0,03039	3397 0,02645	3634 0,02146	3871 0,01722	4108 0,01405	4345 0,01076	4582 0,00825	4819 0,00610	5056 0,00441	5293 0,00316	5530 0,00219	5767 0,00146	6004 0,00097	6241 0,00071	6478
79 0,99695	80 0,95229	320 0,85843	560 0,72417	800 0,55783	1040 0,42025	1280 0,29541	1520 0,19523	1760 0,12067	2000 0,05593	2240 0,01106	2480 0,01608	2720 0,02884	2960 0,03266	3200 0,03218	3440 0,02780	3680 0,02246	3920 0,01798	4160 0,01465	4400 0,01121	4640 0,00859	4880 0,00635	5120 0,00459	5360 0,00329	5600 0,00228	5840 0,00152	6080 0,00101	6320 0,00074	6560
80 0,99691	81 0,95170	324 0,85668	567 0,72063	810 0,55221	1053 0,41378	1296 0,28866	1539 0,18932	1782 0,11570	2025 0,05165	2268 0,00722	2511 0,01937	2754 0,03156	2997 0,03488	3240 0,03397	3483 0,02915	3726 0,02346	3969 0,01874	4212 0,01525	4455 0,01166	4698 0,00893	4941 0,00660	5184 0,00477	5427 0,00342	5670 0,00237	5913 0,00158	6156 0,00105	6399 0,00077	6642
81 0,99687	82 0,95111	328 0,85493	574 0,71709	820 0,54659	1066 0,40731	1312 0,28191	1558 0,18341	1804 0,11073	2050 0,04737	2296 0,00338	2542 0,02266	2788 0,03428	3034 0,03710	3280 0,03576	3526 0,03050	3772 0,02446	4018 0,01950	4264 0,01585	4510 0,01211	4756 0,00927	5002 0,00685	5248 0,00495	5494 0,00355	5740 0,00246	5986 0,00164	6232 0,00109	6478 0,00080	6724
82 0,99684	83 0,95052	332 0,85318	581 0,71355	830 0,54097	1079 0,40084	1328 0,27516	1577 0,17750	1826 0,10576	2075 0,04309	2324 0,00046	2573 0,02595	2822 0,03700	3071 0,03932	3320 0,03755	3569 0,03185	3818 0,02546	4067 0,02026	4316 0,01645	4565 0,01256	4814 0,00961	5063 0,00710	5312 0,00513	5561 0,00368	5810 0,00255	6059 0,00170	6308 0,00113	6557 0,00083	6806
83 0,99680	84 0,94993	336 0,85143	588 0,71001	840 0,53535	1092 0,39437	1344 0,26841	1596 0,17159	1848 0,10079	2100 0,03881	2352 0,00430	2604 0,02924	2856 0,03972	3108 0,04154	3360 0,03934	3612 0,03320	3864 0,02646	4116 0,02102	4368 0,01705	4620 0,01301	4872 0,00995	5124 0,00735	5376 0,00531	5628 0,00381	5880 0,00264	6132 0,00176	6384 0,00117	6636 0,00086	6888
84 0,99676	85 0,94934	340 0,84968	595 0,70647	850 0,52973	1105 0,38790	1360 0,26166	1615 0,16568	1870 0,09582	2125 0,03453	2380 0,00814	2635 0,03253	2890 0,04244	3145 0,04376	3400 0,04113	3655 0,03455	3910 0,02746	4165 0,02178	4420 0,01765	4675 0,01346	4930 0,01029	5185 0,00760	5440 0,00549	5695 0,00394	5950 0,00273	6205 0,00182	6460 0,00121	6715 0,00089	6970
85 0,99672	86 0,94875	344 0,84793	602 0,70293	860 0,52411	1118 0,38143	1376 0,25491	1634 0,15977	1892 0,09085	2150 0,03025	2408 0,01198	2666 0,03582	2924 0,04516	3182 0,04598	3440 0,04292	3698 0,03590	3956 0,02846	4214 0,02254	4472 0,01825	4730 0,01391	4988 0,01063	5246 0,00785	5504 0,00567	5762 0,00407	6020 0,00282	6278 0,00188	6536 0,00125	6794 0,00092	7052
86 0,99668	87 0,94816	348 0,84618	609 0,69939	870 0,51849	1131 0,37496	1392 0,24816	1653 0,15386	1914 0,08588	2175 0,02597	2436 0,01582	2697 0,03911	2958 0,04788	3219 0,04820	3480 0,04471	3741 0,03725	4002 0,02946	4263 0,02330	4524 0,01885	4785 0,01436	5046 0,01097	5307 0,00810	5568 0,00585	5829 0,00420	6090 0,00291	6351 0,00194	6612 0,00129	6873 0,00095	7134
87 0,99665	88 0,94757	352 0,84443	616 0,69585	880 0,51287	1144 0,36849	1408 0,24141	1672 0,14795	1936 0,08091	2200 0,02169	2464 0,01966	2728 0,04240	2992 0,05060	3256 0,05042	3520 0,04650	3784 0,03860	4048 0,03046	4312 0,02406	4576 0,01945	4840 0,01481	5104 0,01131	5368 0,00835	5632 0,00603	5896 0,00433	6160 0,00300	6424 0,00200	6688 0,00133	6952 0,00098	7216
88 0,99661	89 0,94698	356 0,84268	623 0,69231	890 0,50725	1157 0,36202	1424 0,23466	1691 0,14204	1958 0,07594	2225 0,01741	2492 0,02350	2759 0,04569	3026 0,05332	3293 0,05264	3560 0,04829	3827 0,03995	4094 0,03146	4361 0,02482	4628 0,02005	4895 0,01526	5162 0,01165	5429 0,00860	5696 0,00621	5963 0,00446	6230 0,00309	6497 0,00206	6764 0,00137	7031 0,00101	7298
89 0,99657	90 0,94639	360 0,84093	630 0,68877	900 0,50163	1170 0,35555	1440 0,22791	1710 0,13613	1980 0,07097	2250 0,01313	2520 0,02734	2790 0,04898	3060 0,05604	3330 0,05486	3600 0,05008	3870 0,04130	4140 0,03246	4410 0,02558	4680 0,02065	4950 0,01571	5220 0,01199	5490 0,00885	5760 0,00639	6030 0,00459	6300 0,00318	6570 0,00212	6840 0,00141	7110 0,00104	7380
90 0,99654	91 0,94606	364 0,84376	637 0,70685	910 0,55608	1183 0,41068	1456 0,28461	1729 0,18499	2002 0,11270	2275 0,06431	2548 0,03434	2821 0,01725	3094 0,00804	3367 0,00340	3640 0,00126	3913 0,00038	4186 0,00007	4459 0,00002	4732 0,00005	5005 0,00005	5278 0,00004	5551 0,00003	5824 0,00002	6097 0,00001	6370 0,00001	6643 0,00000	6916 0,00000	7189 0,00000	7462
